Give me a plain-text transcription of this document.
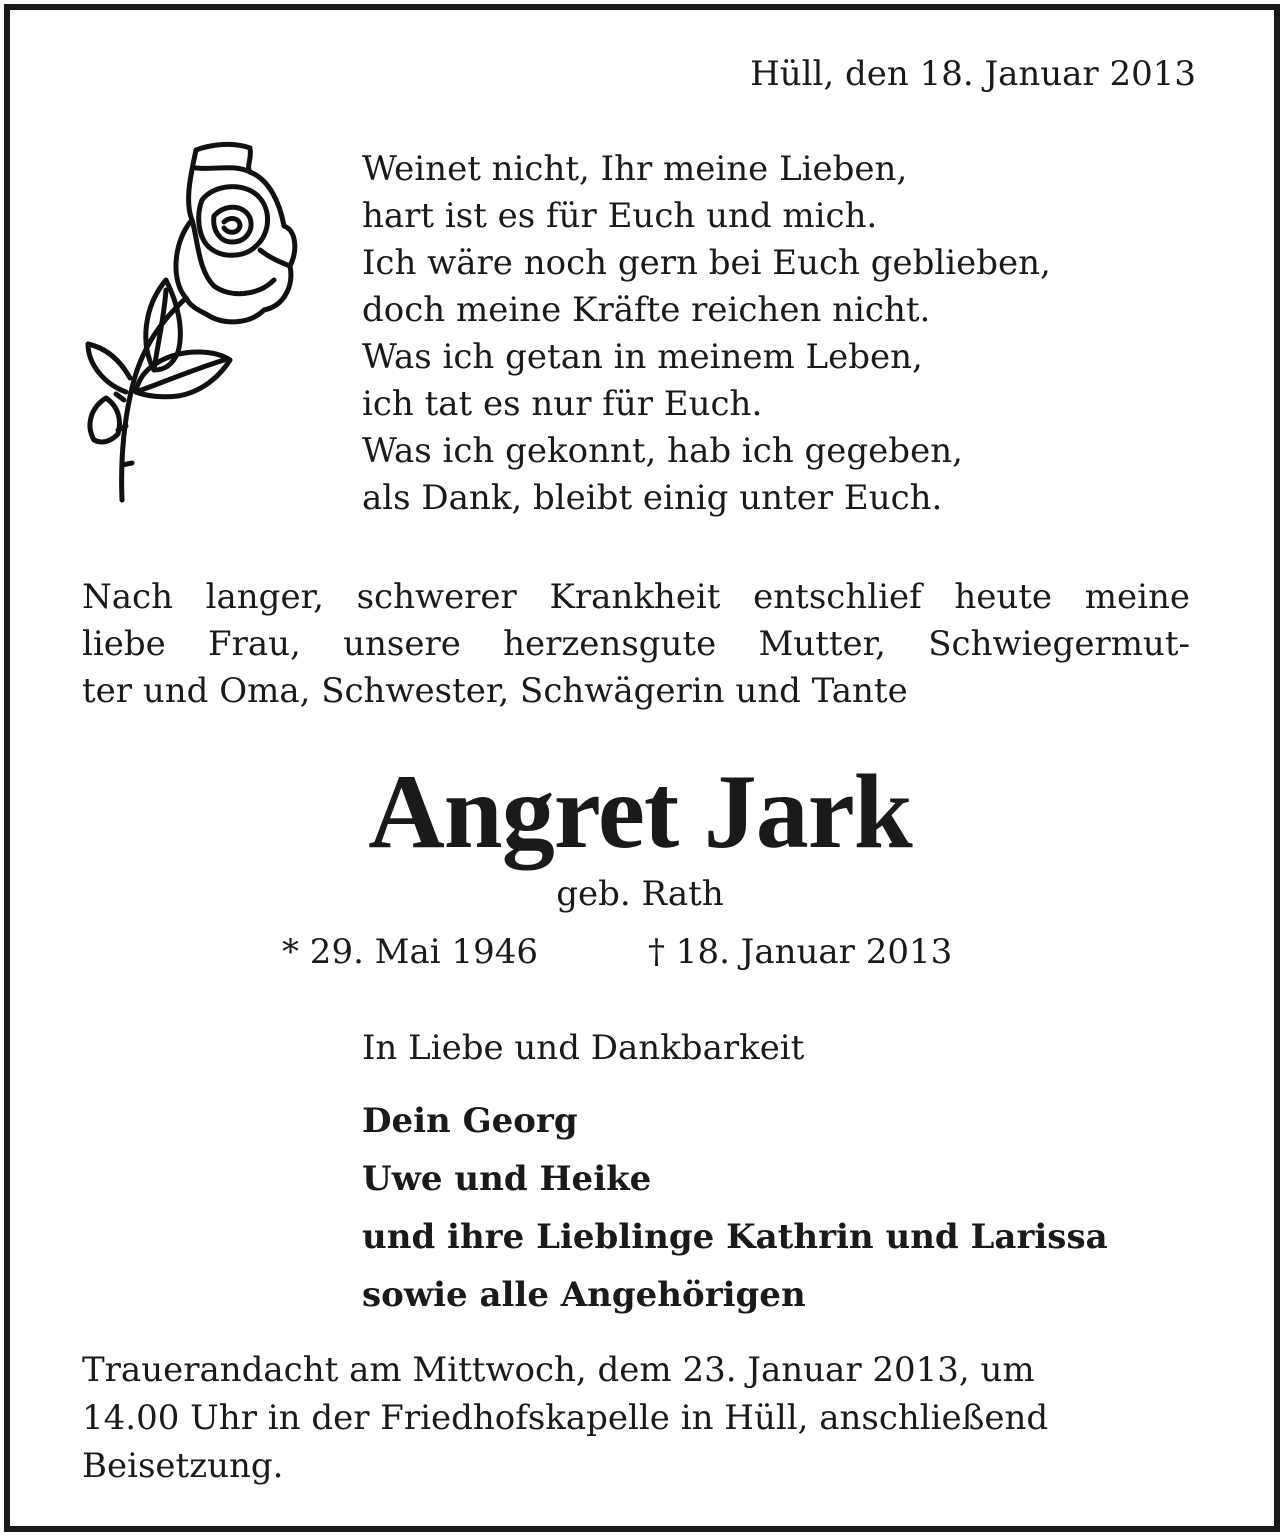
Hüll, den 18. Januar 2013

Weinet nicht, Ihr meine Lieben,
hart ist es für Euch und mich.
Ich wäre noch gern bei Euch geblieben,
doch meine Kräfte reichen nicht.
Was ich getan in meinem Leben,
ich tat es nur für Euch.
Was ich gekonnt, hab ich gegeben,
als Dank, bleibt einig unter Euch.
Nach langer, schwerer Krankheit entschlief heute meine
liebe Frau, unsere herzensgute Mutter, Schwiegermut-
ter und Oma, Schwester, Schwägerin und Tante
Angret Jark

geb. Rath

* 29. Mai 1946	† 18. Januar 2013

In Liebe und Dankbarkeit

Dein Georg
Uwe und Heike
und ihre Lieblinge Kathrin und Larissa
sowie alle Angehörigen
Trauerandacht am Mittwoch, dem 23. Januar 2013, um
14.00 Uhr in der Friedhofskapelle in Hüll, anschließend
Beisetzung.
